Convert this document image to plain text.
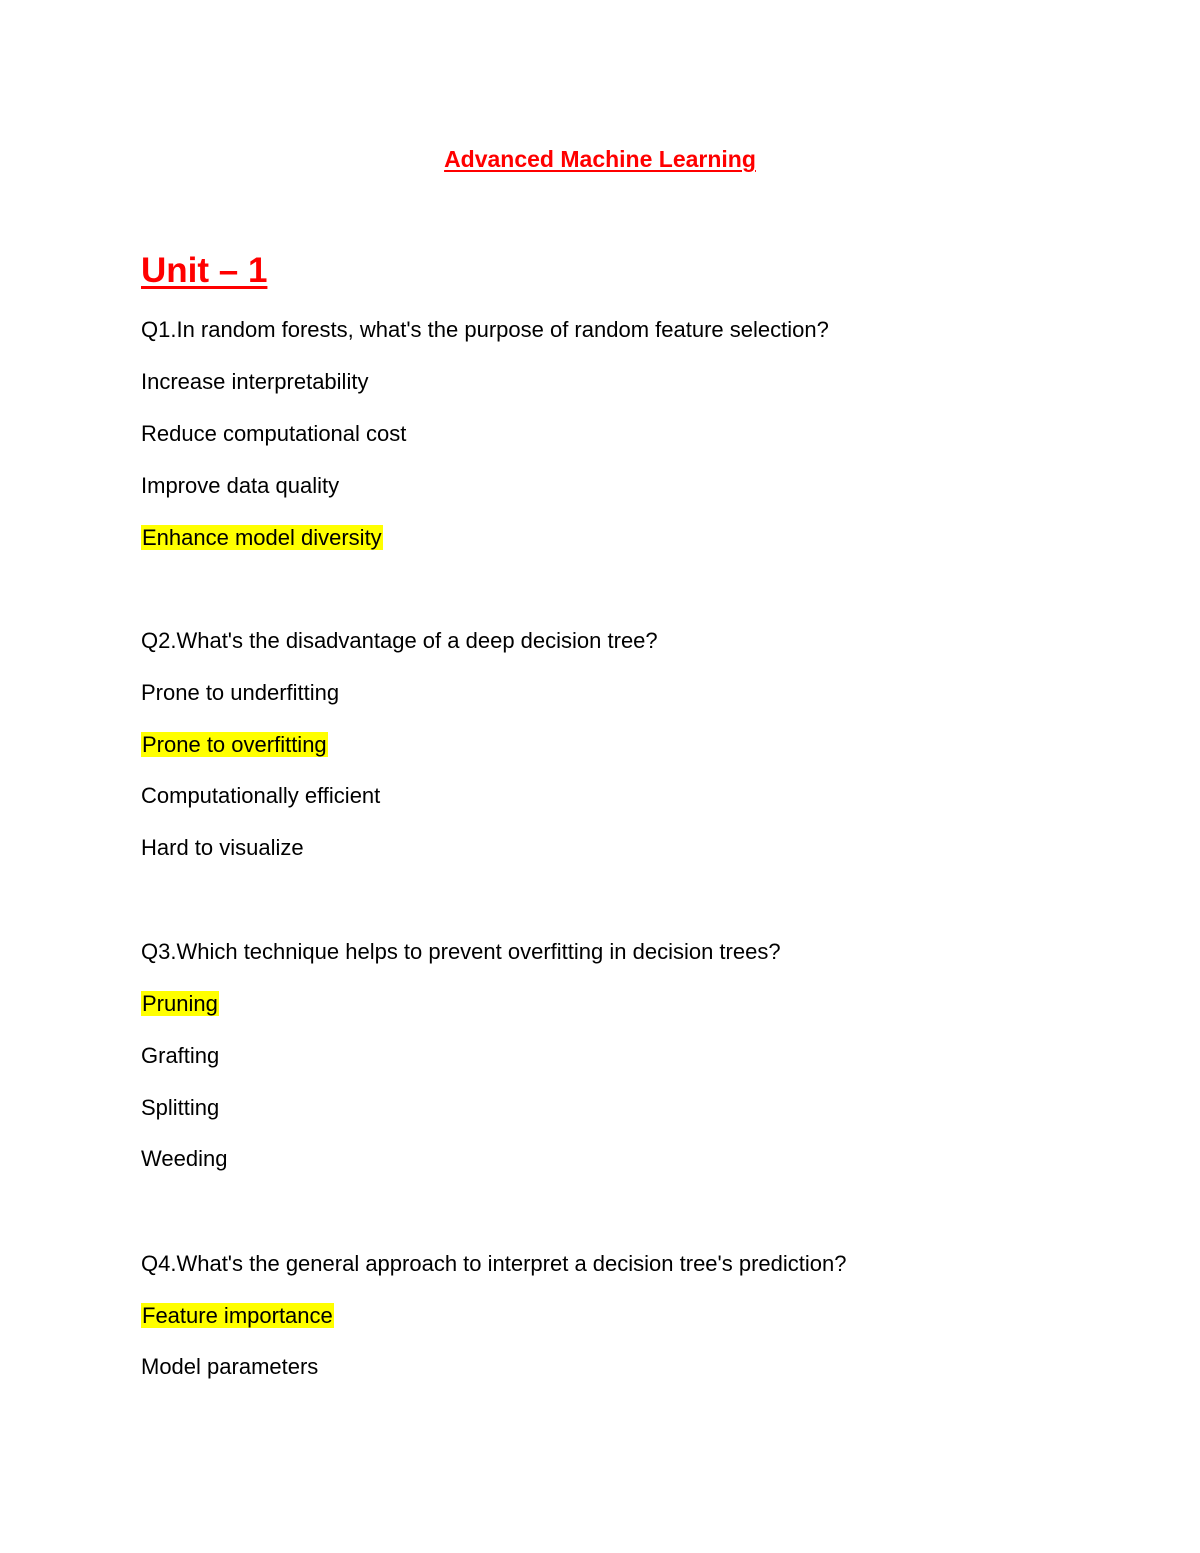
Advanced Machine Learning
Unit – 1
Q1.In random forests, what's the purpose of random feature selection?
Increase interpretability
Reduce computational cost
Improve data quality
Enhance model diversity
Q2.What's the disadvantage of a deep decision tree?
Prone to underfitting
Prone to overfitting
Computationally efficient
Hard to visualize
Q3.Which technique helps to prevent overfitting in decision trees?
Pruning
Grafting
Splitting
Weeding
Q4.What's the general approach to interpret a decision tree's prediction?
Feature importance
Model parameters
